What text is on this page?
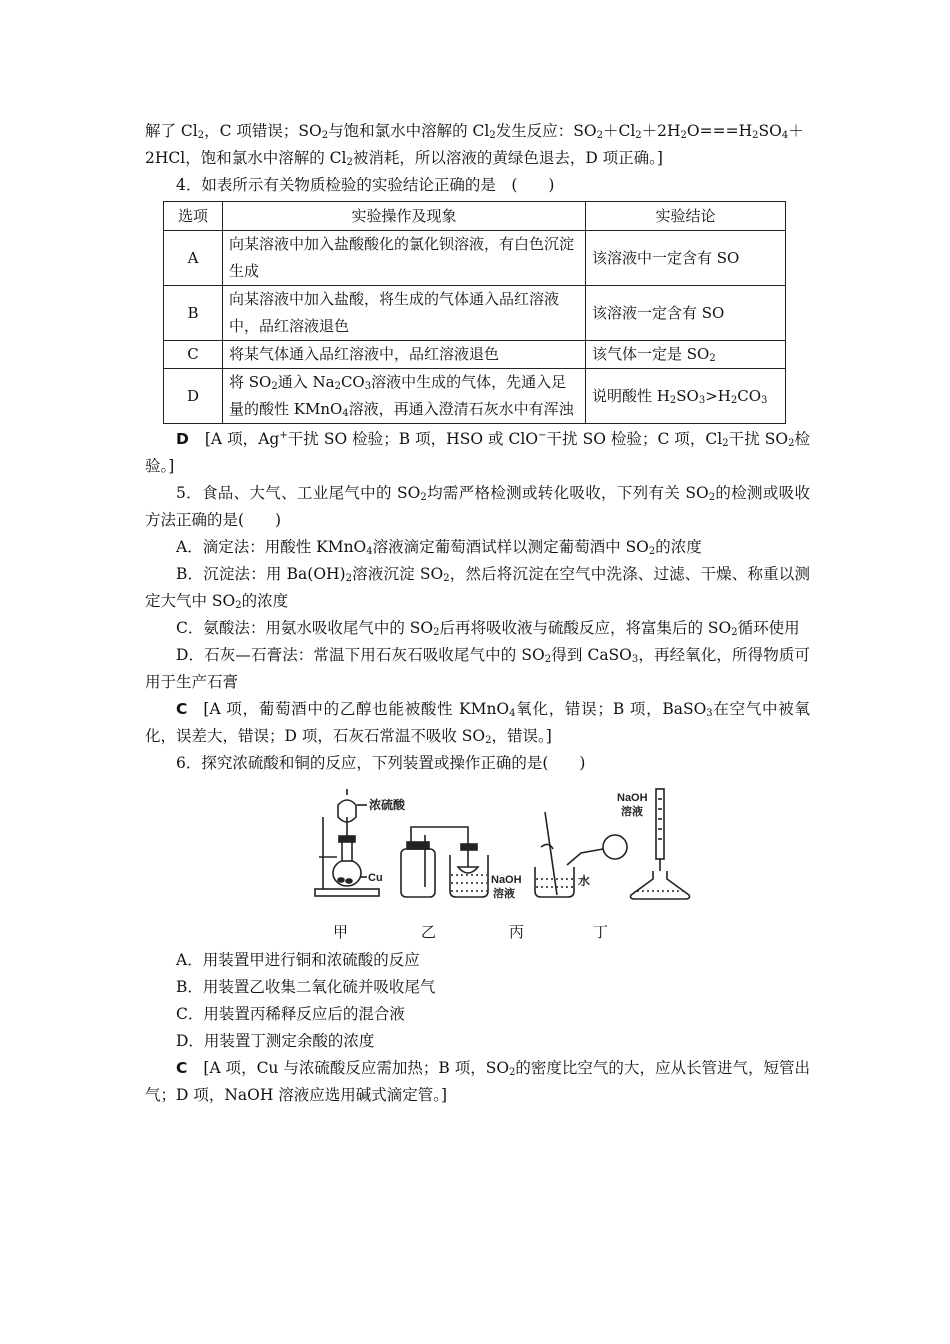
解了 $Cl_2$，C 项错误；$SO_2$与饱和氯水中溶解的 $Cl_2$发生反应：$SO_2+Cl_2+2H_2O===H_2SO_4+$
2HCl，饱和氯水中溶解的 $Cl_2$被消耗，所以溶液的黄绿色退去，D 项正确。]

4．如表所示有关物质检验的实验结论正确的是　(　　)

选项	实验操作及现象	实验结论
A	向某溶液中加入盐酸酸化的氯化钡溶液，有白色沉淀生成	该溶液中一定含有 SO
B	向某溶液中加入盐酸，将生成的气体通入品红溶液中，品红溶液退色	该溶液一定含有 SO
C	将某气体通入品红溶液中，品红溶液退色	该气体一定是 $SO_2$
D	将 $SO_2$通入 $Na_2CO_3$溶液中生成的气体，先通入足量的酸性 KMnO$_4$溶液，再通入澄清石灰水中有浑浊	说明酸性 $H_2SO_3>H_2CO_3$

D [A 项，Ag+干扰 SO 检验；B 项，HSO 或 ClO−干扰 SO 检验；C 项，$Cl_2$干扰 $SO_2$检验。]

5．食品、大气、工业尾气中的 $SO_2$均需严格检测或转化吸收，下列有关 $SO_2$的检测或吸收方法正确的是(　　)

A．滴定法：用酸性 KMnO$_4$溶液滴定葡萄酒试样以测定葡萄酒中 $SO_2$的浓度

B．沉淀法：用 $Ba(OH)_2$溶液沉淀 $SO_2$，然后将沉淀在空气中洗涤、过滤、干燥、称重以测定大气中 $SO_2$的浓度

C．氨酸法：用氨水吸收尾气中的 $SO_2$后再将吸收液与硫酸反应，将富集后的 $SO_2$循环使用

D．石灰—石膏法：常温下用石灰石吸收尾气中的 $SO_2$得到 CaSO$_3$，再经氧化，所得物质可用于生产石膏

C [A 项，葡萄酒中的乙醇也能被酸性 KMnO$_4$氧化，错误；B 项，BaSO$_3$在空气中被氧化，误差大，错误；D 项，石灰石常温不吸收 $SO_2$，错误。]

6．探究浓硫酸和铜的反应，下列装置或操作正确的是(　　)

浓硫酸
Cu	NaOH
溶液
水
NaOH
溶液
甲	乙	丙	丁

A．用装置甲进行铜和浓硫酸的反应

B．用装置乙收集二氧化硫并吸收尾气

C．用装置丙稀释反应后的混合液

D．用装置丁测定余酸的浓度

C [A 项，Cu 与浓硫酸反应需加热；B 项，$SO_2$的密度比空气的大，应从长管进气，短管出气；D 项，NaOH 溶液应选用碱式滴定管。]
